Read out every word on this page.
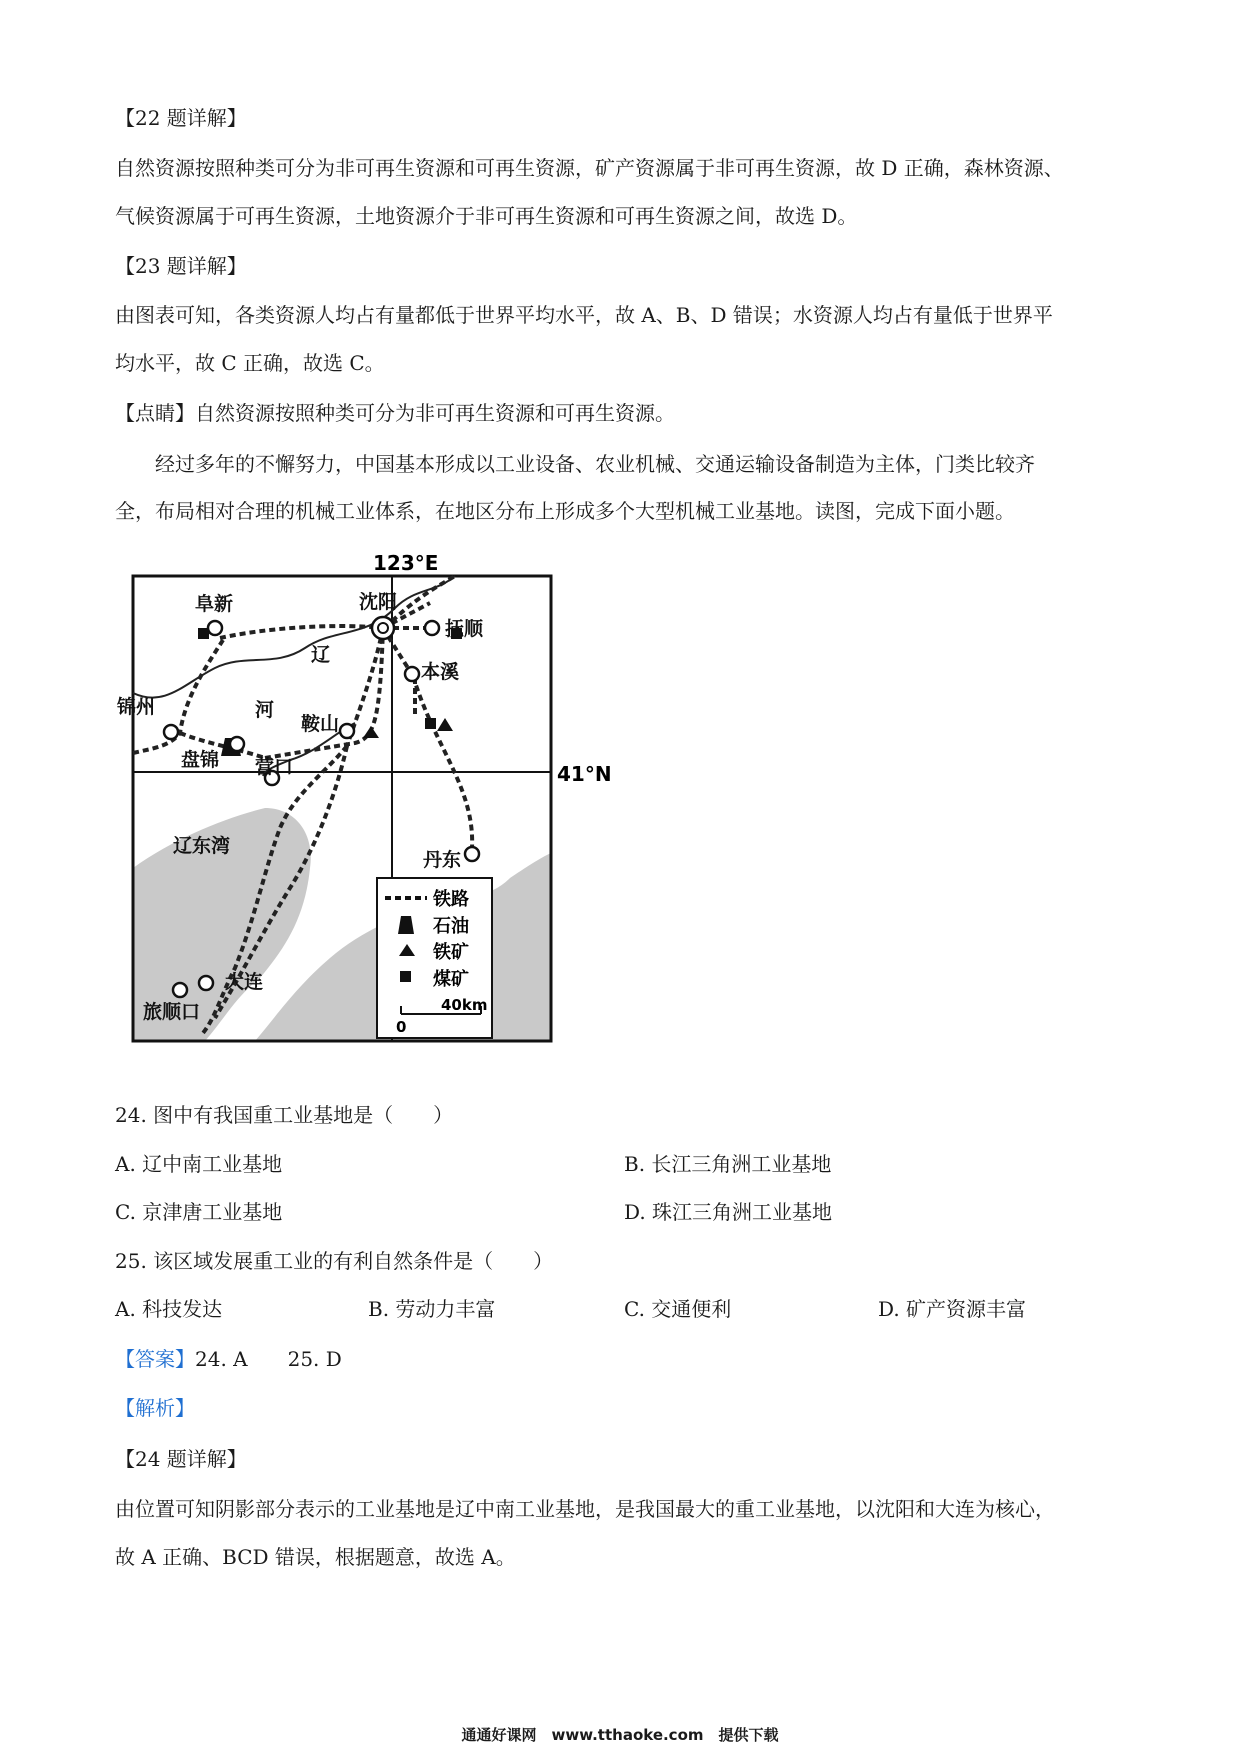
【22 题详解】
自然资源按照种类可分为非可再生资源和可再生资源，矿产资源属于非可再生资源，故 D 正确，森林资源、
气候资源属于可再生资源，土地资源介于非可再生资源和可再生资源之间，故选 D。
【23 题详解】
由图表可知，各类资源人均占有量都低于世界平均水平，故 A、B、D 错误；水资源人均占有量低于世界平
均水平，故 C 正确，故选 C。
【点睛】自然资源按照种类可分为非可再生资源和可再生资源。
　　经过多年的不懈努力，中国基本形成以工业设备、农业机械、交通运输设备制造为主体，门类比较齐
全，布局相对合理的机械工业体系，在地区分布上形成多个大型机械工业基地。读图，完成下面小题。
123°E
41°N
阜新	沈阳
抚顺
锦州
盘锦
鞍山
本溪
营口
丹东
大连
旅顺口
辽
河
辽东湾
铁路
石油
铁矿
煤矿
0
40km
24. 图中有我国重工业基地是（　　）
A. 辽中南工业基地	B. 长江三角洲工业基地
C. 京津唐工业基地	D. 珠江三角洲工业基地
25. 该区域发展重工业的有利自然条件是（　　）
A. 科技发达	B. 劳动力丰富	C. 交通便利	D. 矿产资源丰富
【答案】24. A　　25. D
【解析】
【24 题详解】
由位置可知阴影部分表示的工业基地是辽中南工业基地，是我国最大的重工业基地，以沈阳和大连为核心，
故 A 正确、BCD 错误，根据题意，故选 A。
通通好课网　www.tthaoke.com　提供下载
